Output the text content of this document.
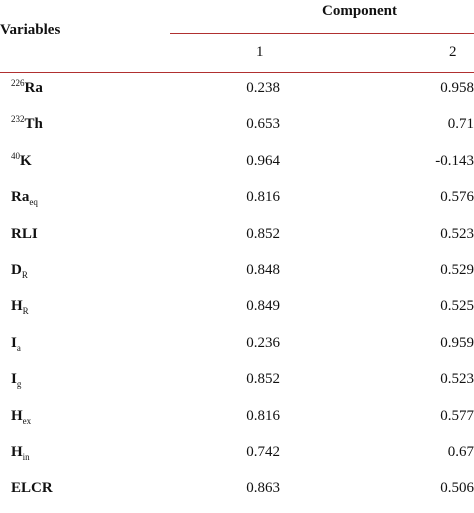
Variables
Component
1	2
$^{226}$Ra	0.238	0.958
$^{232}$Th	0.653	0.71
$^{40}$K	0.964	-0.143
$Ra_{eq}$	0.816	0.576
RLI	0.852	0.523
$D_R$	0.848	0.529
$H_R$	0.849	0.525
$I_a$	0.236	0.959
$I_g$	0.852	0.523
$H_{ex}$	0.816	0.577
$H_{in}$	0.742	0.67
ELCR	0.863	0.506
